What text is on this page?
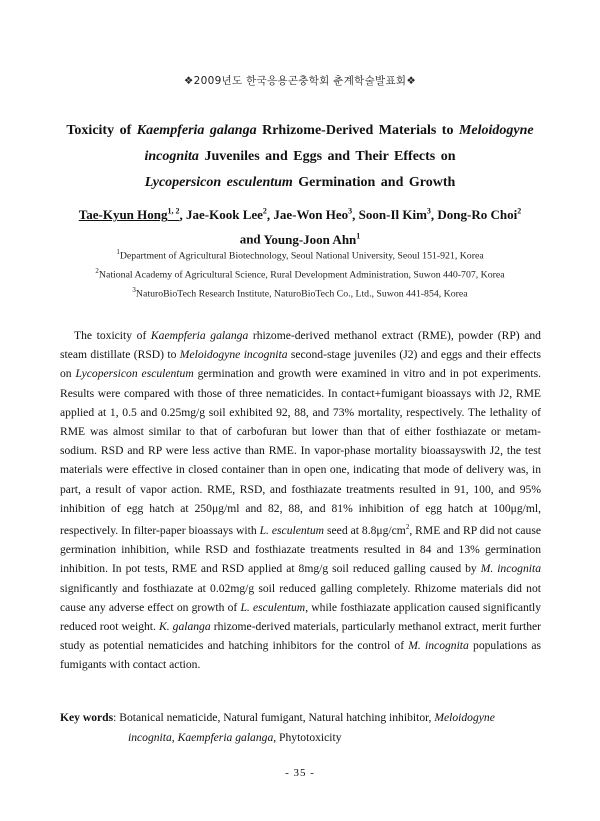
❖2009년도 한국응용곤충학회 춘계학술발표회❖
Toxicity of Kaempferia galanga Rrhizome-Derived Materials to Meloidogyne
incognita Juveniles and Eggs and Their Effects on
Lycopersicon esculentum Germination and Growth
Tae-Kyun Hong$^{1, 2}$, Jae-Kook Lee$^2$, Jae-Won Heo$^3$, Soon-Il Kim$^3$, Dong-Ro Choi$^2$
and Young-Joon Ahn$^1$
$^1$Department of Agricultural Biotechnology, Seoul National University, Seoul 151-921, Korea
$^2$National Academy of Agricultural Science, Rural Development Administration, Suwon 440-707, Korea
$^3$NaturoBioTech Research Institute, NaturoBioTech Co., Ltd., Suwon 441-854, Korea
The toxicity of Kaempferia galanga rhizome-derived methanol extract (RME), powder (RP) and steam distillate (RSD) to Meloidogyne incognita second-stage juveniles (J2) and eggs and their effects on Lycopersicon esculentum germination and growth were examined in vitro and in pot experiments. Results were compared with those of three nematicides. In contact+fumigant bioassays with J2, RME applied at 1, 0.5 and 0.25mg/g soil exhibited 92, 88, and 73% mortality, respectively. The lethality of RME was almost similar to that of carbofuran but lower than that of either fosthiazate or metam-sodium. RSD and RP were less active than RME. In vapor-phase mortality bioassayswith J2, the test materials were effective in closed container than in open one, indicating that mode of delivery was, in part, a result of vapor action. RME, RSD, and fosthiazate treatments resulted in 91, 100, and 95% inhibition of egg hatch at 250μg/ml and 82, 88, and 81% inhibition of egg hatch at 100μg/ml, respectively. In filter-paper bioassays with L. esculentum seed at $8.8\mu g/cm^2$, RME and RP did not cause germination inhibition, while RSD and fosthiazate treatments resulted in 84 and 13% germination inhibition. In pot tests, RME and RSD applied at 8mg/g soil reduced galling caused by M. incognita significantly and fosthiazate at 0.02mg/g soil reduced galling completely. Rhizome materials did not cause any adverse effect on growth of L. esculentum, while fosthiazate application caused significantly reduced root weight. K. galanga rhizome-derived materials, particularly methanol extract, merit further study as potential nematicides and hatching inhibitors for the control of M. incognita populations as fumigants with contact action.
Key words: Botanical nematicide, Natural fumigant, Natural hatching inhibitor, Meloidogyne
incognita, Kaempferia galanga, Phytotoxicity
- 35 -
